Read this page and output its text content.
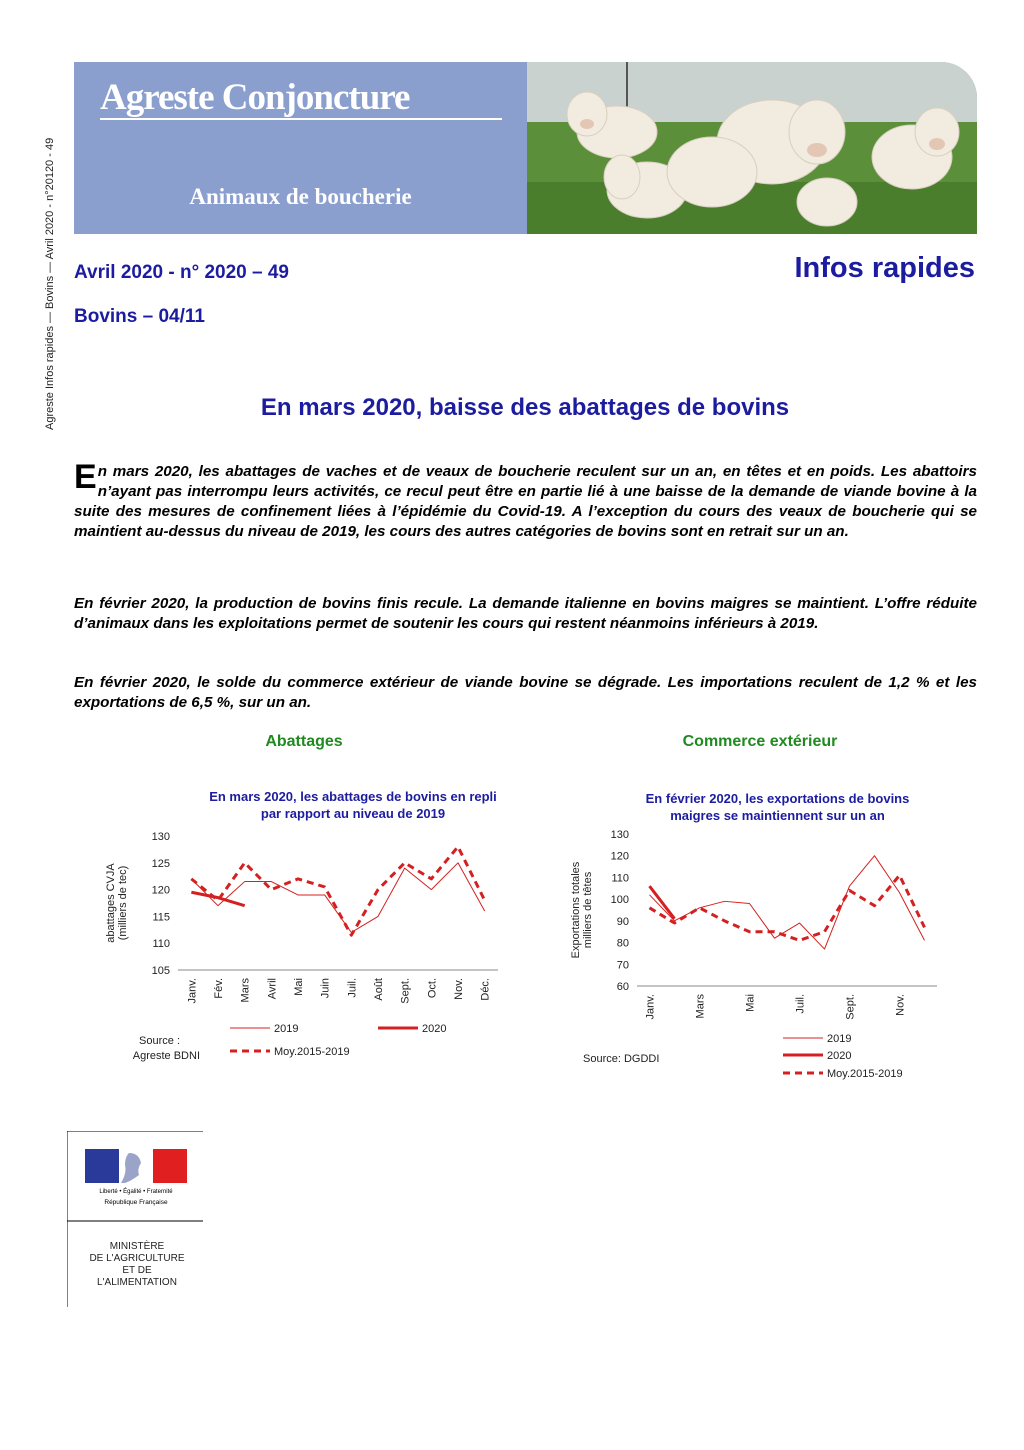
Agreste Infos rapides — Bovins — Avril 2020 - n°20120 - 49
Agreste Conjoncture
Animaux de boucherie
Avril 2020 - n° 2020 – 49	Infos rapides
Bovins – 04/11
En mars 2020, baisse des abattages de bovins
En mars 2020, les abattages de vaches et de veaux de boucherie reculent sur un an, en têtes et en poids. Les abattoirs n’ayant pas interrompu leurs activités, ce recul peut être en partie lié à une baisse de la demande de viande bovine à la suite des mesures de confinement liées à l’épidémie du Covid-19. A l’exception du cours des veaux de boucherie qui se maintient au-dessus du niveau de 2019, les cours des autres catégories de bovins sont en retrait sur un an.
En février 2020, la production de bovins finis recule. La demande italienne en bovins maigres se maintient. L’offre réduite d’animaux dans les exploitations permet de soutenir les cours qui restent néanmoins inférieurs à 2019.
En février 2020, le solde du commerce extérieur de viande bovine se dégrade. Les importations reculent de 1,2 % et les exportations de 6,5 %, sur un an.
Abattages
En mars 2020, les abattages de bovins en repli
par rapport au niveau de 2019
105
110
115
120
125
130
abattages CVJA (milliers de tec)
Janv. Fév. Mars Avril Mai Juin Juil. Août Sept. Oct. Nov. Déc.
2019	2020
Moy.2015-2019
Source :
Agreste BDNI
Commerce extérieur
En février 2020, les exportations de bovins
maigres se maintiennent sur un an
60
70
80
90
100
110
120
130
Exportations totales milliers de têtes
Janv.	Mars	Mai	Juil.	Sept.	Nov.
2019
2020
Moy.2015-2019
Source: DGDDI
Liberté • Égalité • Fraternité
République Française
MINISTÈRE
DE L'AGRICULTURE
ET DE
L'ALIMENTATION
